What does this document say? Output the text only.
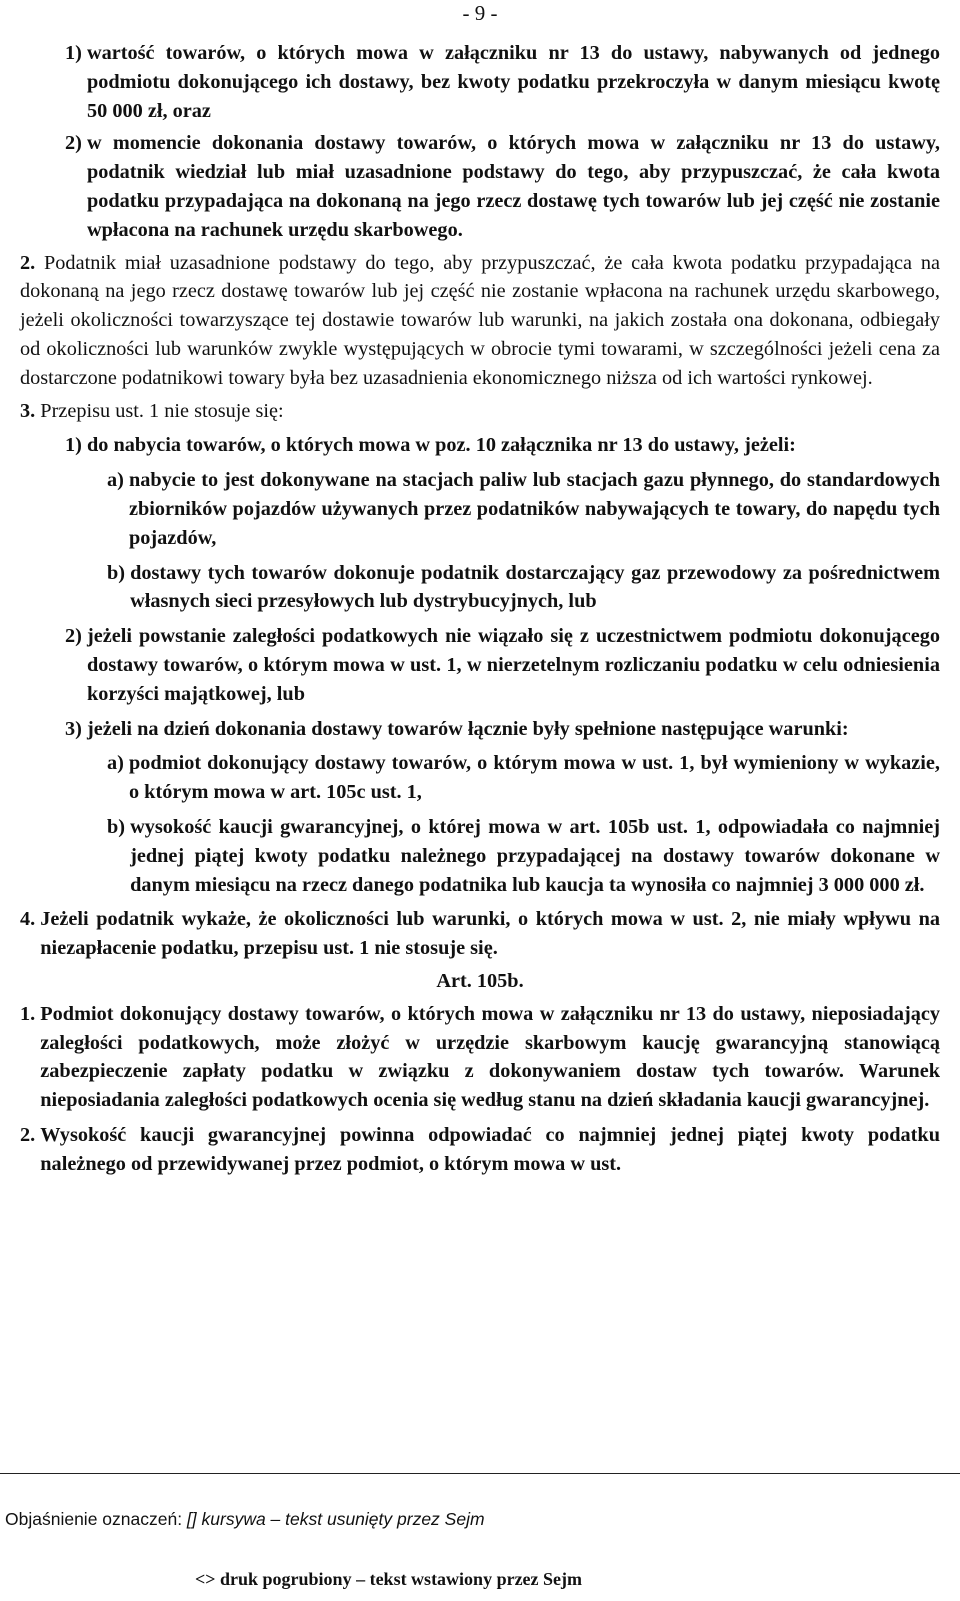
- 9 -
1) wartość towarów, o których mowa w załączniku nr 13 do ustawy, nabywanych od jednego podmiotu dokonującego ich dostawy, bez kwoty podatku przekroczyła w danym miesiącu kwotę 50 000 zł, oraz
2) w momencie dokonania dostawy towarów, o których mowa w załączniku nr 13 do ustawy, podatnik wiedział lub miał uzasadnione podstawy do tego, aby przypuszczać, że cała kwota podatku przypadająca na dokonaną na jego rzecz dostawę tych towarów lub jej część nie zostanie wpłacona na rachunek urzędu skarbowego.

2. Podatnik miał uzasadnione podstawy do tego, aby przypuszczać, że cała kwota podatku przypadająca na dokonaną na jego rzecz dostawę towarów lub jej część nie zostanie wpłacona na rachunek urzędu skarbowego, jeżeli okoliczności towarzyszące tej dostawie towarów lub warunki, na jakich została ona dokonana, odbiegały od okoliczności lub warunków zwykle występujących w obrocie tymi towarami, w szczególności jeżeli cena za dostarczone podatnikowi towary była bez uzasadnienia ekonomicznego niższa od ich wartości rynkowej.

3. Przepisu ust. 1 nie stosuje się:

1) do nabycia towarów, o których mowa w poz. 10 załącznika nr 13 do ustawy, jeżeli:
a) nabycie to jest dokonywane na stacjach paliw lub stacjach gazu płynnego, do standardowych zbiorników pojazdów używanych przez podatników nabywających te towary, do napędu tych pojazdów,
b) dostawy tych towarów dokonuje podatnik dostarczający gaz przewodowy za pośrednictwem własnych sieci przesyłowych lub dystrybucyjnych, lub
2) jeżeli powstanie zaległości podatkowych nie wiązało się z uczestnictwem podmiotu dokonującego dostawy towarów, o którym mowa w ust. 1, w nierzetelnym rozliczaniu podatku w celu odniesienia korzyści majątkowej, lub
3) jeżeli na dzień dokonania dostawy towarów łącznie były spełnione następujące warunki:
a) podmiot dokonujący dostawy towarów, o którym mowa w ust. 1, był wymieniony w wykazie, o którym mowa w art. 105c ust. 1,
b) wysokość kaucji gwarancyjnej, o której mowa w art. 105b ust. 1, odpowiadała co najmniej jednej piątej kwoty podatku należnego przypadającej na dostawy towarów dokonane w danym miesiącu na rzecz danego podatnika lub kaucja ta wynosiła co najmniej 3 000 000 zł.
4. Jeżeli podatnik wykaże, że okoliczności lub warunki, o których mowa w ust. 2, nie miały wpływu na niezapłacenie podatku, przepisu ust. 1 nie stosuje się.

Art. 105b.

1. Podmiot dokonujący dostawy towarów, o których mowa w załączniku nr 13 do ustawy, nieposiadający zaległości podatkowych, może złożyć w urzędzie skarbowym kaucję gwarancyjną stanowiącą zabezpieczenie zapłaty podatku w związku z dokonywaniem dostaw tych towarów. Warunek nieposiadania zaległości podatkowych ocenia się według stanu na dzień składania kaucji gwarancyjnej.
2. Wysokość kaucji gwarancyjnej powinna odpowiadać co najmniej jednej piątej kwoty podatku należnego od przewidywanej przez podmiot, o którym mowa w ust.
Objaśnienie oznaczeń: [] kursywa – tekst usunięty przez Sejm
<> druk pogrubiony – tekst wstawiony przez Sejm
